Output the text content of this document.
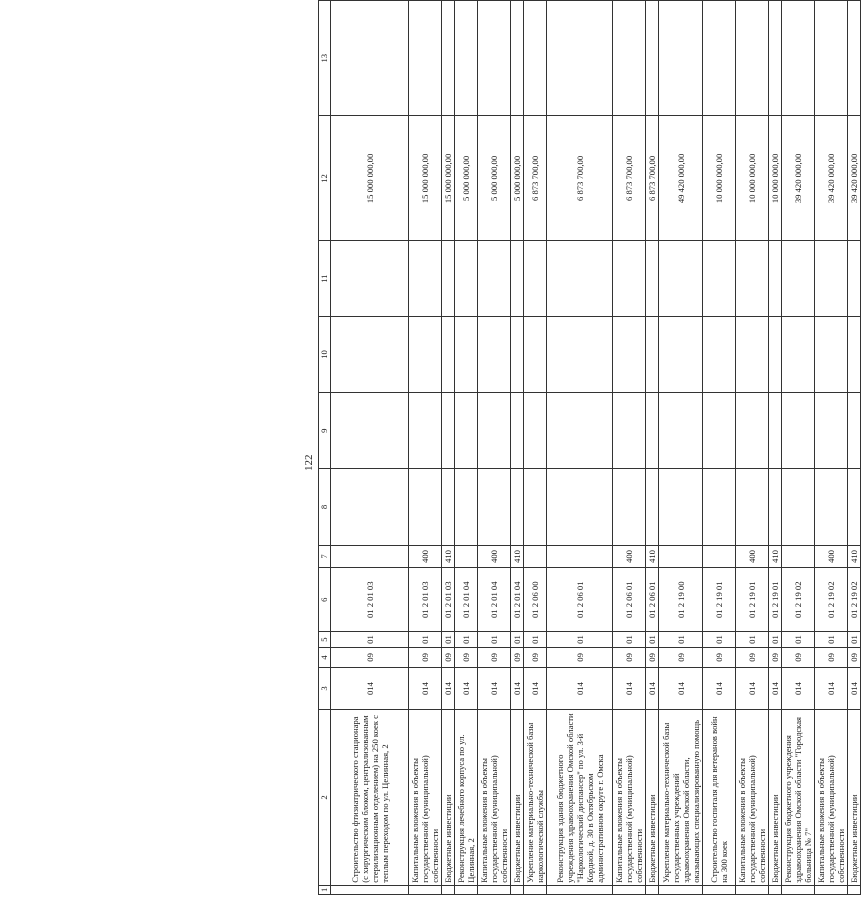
122
1	2	3	4	5	6	7	8	9	10	11	12	13
	Строительство фтизиатрического стационара (с хирургическим блоком, централизованным стерилизационным отделением) на 250 коек с теплым переходом по ул. Целинная, 2	014	09	01	01 2 01 03						15 000 000,00	
	Капитальные вложения в объекты государственной (муниципальной) собственности	014	09	01	01 2 01 03	400					15 000 000,00	
	Бюджетные инвестиции	014	09	01	01 2 01 03	410					15 000 000,00	
	Реконструкция лечебного корпуса по ул. Целинная, 2	014	09	01	01 2 01 04						5 000 000,00	
	Капитальные вложения в объекты государственной (муниципальной) собственности	014	09	01	01 2 01 04	400					5 000 000,00	
	Бюджетные инвестиции	014	09	01	01 2 01 04	410					5 000 000,00	
	Укрепление материально-технической базы наркологической службы	014	09	01	01 2 06 00						6 873 700,00	
	Реконструкция здания бюджетного учреждения здравоохранения Омской области "Наркологический диспансер" по ул. 3-й Кордной, д. 30 в Октябрьском административном округе г. Омска	014	09	01	01 2 06 01						6 873 700,00	
	Капитальные вложения в объекты государственной (муниципальной) собственности	014	09	01	01 2 06 01	400					6 873 700,00	
	Бюджетные инвестиции	014	09	01	01 2 06 01	410					6 873 700,00	
	Укрепление материально-технической базы государственных учреждений здравоохранения Омской области, оказывающих специализированную помощь	014	09	01	01 2 19 00						49 420 000,00	
	Строительство госпиталя для ветеранов войн на 300 коек	014	09	01	01 2 19 01						10 000 000,00	
	Капитальные вложения в объекты государственной (муниципальной) собственности	014	09	01	01 2 19 01	400					10 000 000,00	
	Бюджетные инвестиции	014	09	01	01 2 19 01	410					10 000 000,00	
	Реконструкция бюджетного учреждения здравоохранения Омской области "Городская больница № 7"	014	09	01	01 2 19 02						39 420 000,00	
	Капитальные вложения в объекты государственной (муниципальной) собственности	014	09	01	01 2 19 02	400					39 420 000,00	
	Бюджетные инвестиции	014	09	01	01 2 19 02	410					39 420 000,00	
